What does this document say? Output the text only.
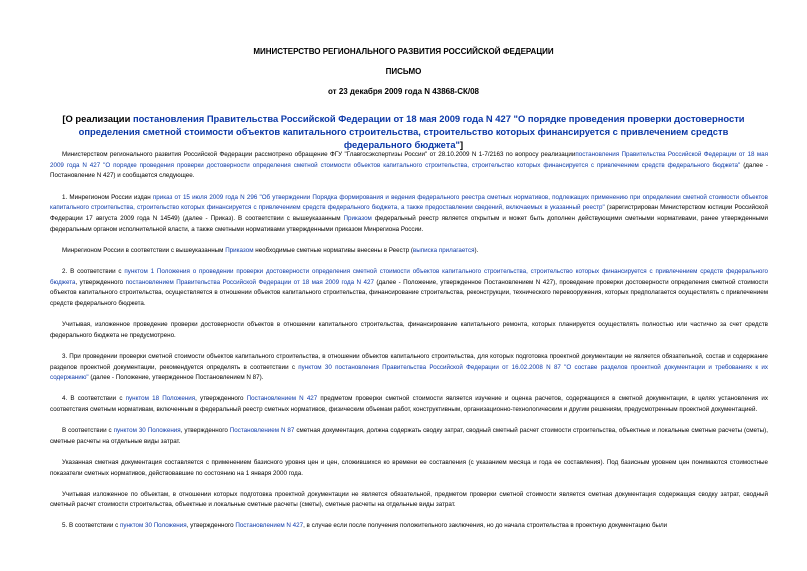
МИНИСТЕРСТВО РЕГИОНАЛЬНОГО РАЗВИТИЯ РОССИЙСКОЙ ФЕДЕРАЦИИ
ПИСЬМО
от 23 декабря 2009 года N 43868-СК/08
[О реализации постановления Правительства Российской Федерации от 18 мая 2009 года N 427 "О порядке проведения проверки достоверности определения сметной стоимости объектов капитального строительства, строительство которых финансируется с привлечением средств федерального бюджета"]

Министерством регионального развития Российской Федерации рассмотрено обращение ФГУ "Главгосэкспертизы России" от 28.10.2009 N 1-7/2163 по вопросу реализациипостановления Правительства Российской Федерации от 18 мая 2009 года N 427 "О порядке проведения проверки достоверности определения сметной стоимости объектов капитального строительства, строительство которых финансируется с привлечением средств федерального бюджета" (далее - Постановление N 427) и сообщается следующее.

1. Минрегионом России издан приказ от 15 июля 2009 года N 296 "Об утверждении Порядка формирования и ведения федерального реестра сметных нормативов, подлежащих применению при определении сметной стоимости объектов капитального строительства, строительство которых финансируется с привлечением средств федерального бюджета, а также предоставлении сведений, включаемых в указанный реестр" (зарегистрирован Министерством юстиции Российской Федерации 17 августа 2009 года N 14549) (далее - Приказ). В соответствии с вышеуказанным Приказом федеральный реестр является открытым и может быть дополнен действующими сметными нормативами, ранее утвержденными федеральным органом исполнительной власти, а также сметными нормативами утвержденными приказом Минрегиона России.

Минрегионом России в соответствии с вышеуказанным Приказом необходимые сметные нормативы внесены в Реестр (выписка прилагается).

2. В соответствии с пунктом 1 Положения о проведении проверки достоверности определения сметной стоимости объектов капитального строительства, строительство которых финансируется с привлечением средств федерального бюджета, утвержденного постановлением Правительства Российской Федерации от 18 мая 2009 года N 427 (далее - Положение, утвержденное Постановлением N 427), проведение проверки достоверности определения сметной стоимости объектов капитального строительства, осуществляется в отношении объектов капитального строительства, финансирование строительства, реконструкции, технического перевооружения, которых предполагается осуществлять с привлечением средств федерального бюджета.

Учитывая, изложенное проведение проверки достоверности объектов в отношении капитального строительства, финансирование капитального ремонта, которых планируется осуществлять полностью или частично за счет средств федерального бюджета не предусмотрено.

3. При проведении проверки сметной стоимости объектов капитального строительства, в отношении объектов капитального строительства, для которых подготовка проектной документации не является обязательной, состав и содержание разделов проектной документации, рекомендуется определять в соответствии с пунктом 30 постановления Правительства Российской Федерации от 16.02.2008 N 87 "О составе разделов проектной документации и требованиях к их содержанию" (далее - Положение, утвержденное Постановлением N 87).

4. В соответствии с пунктом 18 Положения, утвержденного Постановлением N 427 предметом проверки сметной стоимости является изучение и оценка расчетов, содержащихся в сметной документации, в целях установления их соответствия сметным нормативам, включенным в федеральный реестр сметных нормативов, физическим объемам работ, конструктивным, организационно-технологическим и другим решениям, предусмотренным проектной документацией.

В соответствии с пунктом 30 Положения, утвержденного Постановлением N 87 сметная документация, должна содержать сводку затрат, сводный сметный расчет стоимости строительства, объектные и локальные сметные расчеты (сметы), сметные расчеты на отдельные виды затрат.

Указанная сметная документация составляется с применением базисного уровня цен и цен, сложившихся ко времени ее составления (с указанием месяца и года ее составления). Под базисным уровнем цен понимаются стоимостные показатели сметных нормативов, действовавшие по состоянию на 1 января 2000 года.

Учитывая изложенное по объектам, в отношении которых подготовка проектной документации не является обязательной, предметом проверки сметной стоимости является сметная документация содержащая сводку затрат, сводный сметный расчет стоимости строительства, объектные и локальные сметные расчеты (сметы), сметные расчеты на отдельные виды затрат.

5. В соответствии с пунктом 30 Положения, утвержденного Постановлением N 427, в случае если после получения положительного заключения, но до начала строительства в проектную документацию были
